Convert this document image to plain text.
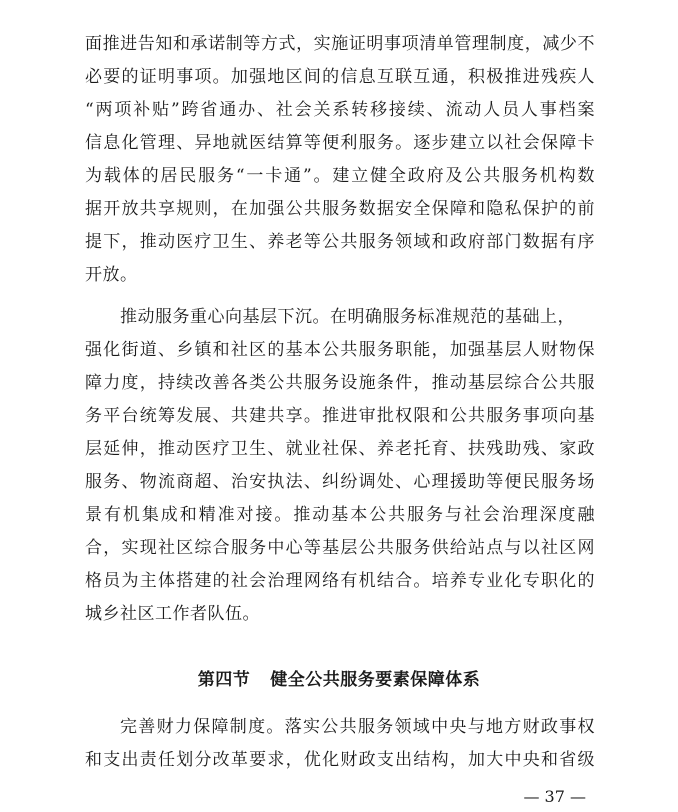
面推进告知和承诺制等方式，实施证明事项清单管理制度，减少不
必要的证明事项。加强地区间的信息互联互通，积极推进残疾人
“两项补贴”跨省通办、社会关系转移接续、流动人员人事档案
信息化管理、异地就医结算等便利服务。逐步建立以社会保障卡
为载体的居民服务“一卡通”。建立健全政府及公共服务机构数
据开放共享规则，在加强公共服务数据安全保障和隐私保护的前
提下，推动医疗卫生、养老等公共服务领域和政府部门数据有序
开放。
推动服务重心向基层下沉。在明确服务标准规范的基础上，
强化街道、乡镇和社区的基本公共服务职能，加强基层人财物保
障力度，持续改善各类公共服务设施条件，推动基层综合公共服
务平台统筹发展、共建共享。推进审批权限和公共服务事项向基
层延伸，推动医疗卫生、就业社保、养老托育、扶残助残、家政
服务、物流商超、治安执法、纠纷调处、心理援助等便民服务场
景有机集成和精准对接。推动基本公共服务与社会治理深度融
合，实现社区综合服务中心等基层公共服务供给站点与以社区网
格员为主体搭建的社会治理网络有机结合。培养专业化专职化的
城乡社区工作者队伍。
第四节 健全公共服务要素保障体系
完善财力保障制度。落实公共服务领域中央与地方财政事权
和支出责任划分改革要求，优化财政支出结构，加大中央和省级
— 37 —
